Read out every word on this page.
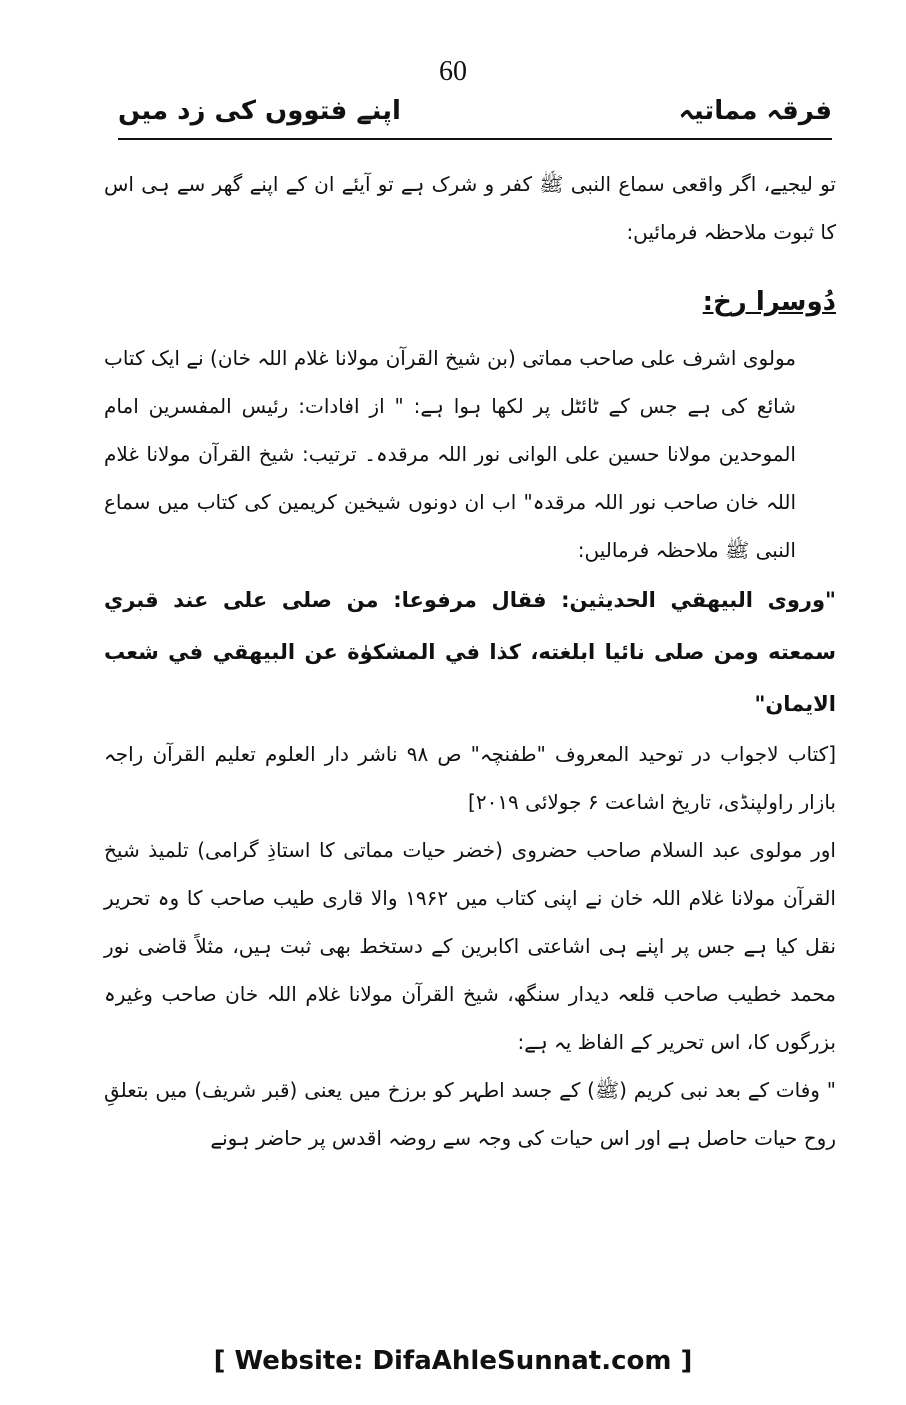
60
فرقہ مماتیہ
اپنے فتووں کی زد میں

تو لیجیے، اگر واقعی سماع النبی ﷺ کفر و شرک ہے تو آیئے ان کے اپنے گھر سے ہی اس کا ثبوت ملاحظہ فرمائیں:

دُوسرا رخ:

مولوی اشرف علی صاحب مماتی (بن شیخ القرآن مولانا غلام اللہ خان) نے ایک کتاب شائع کی ہے جس کے ٹائٹل پر لکھا ہوا ہے: " از افادات: رئیس المفسرین امام الموحدین مولانا حسین علی الوانی نور اللہ مرقدہ۔ ترتیب: شیخ القرآن مولانا غلام اللہ خان صاحب نور اللہ مرقدہ" اب ان دونوں شیخین کریمین کی کتاب میں سماع النبی ﷺ ملاحظہ فرمالیں:

"وروى البيهقي الحديثين: فقال مرفوعا: من صلى على عند قبري سمعته ومن صلى نائيا ابلغته، كذا في المشكوٰة عن البيهقي في شعب الايمان"

[کتاب لاجواب در توحید المعروف "طفنچہ" ص ۹۸ ناشر دار العلوم تعلیم القرآن راجہ بازار راولپنڈی، تاریخ اشاعت ۶ جولائی ۲۰۱۹]

اور مولوی عبد السلام صاحب حضروی (خضر حیات مماتی کا استاذِ گرامی) تلمیذ شیخ القرآن مولانا غلام اللہ خان نے اپنی کتاب میں ۱۹۶۲ والا قاری طیب صاحب کا وہ تحریر نقل کیا ہے جس پر اپنے ہی اشاعتی اکابرین کے دستخط بھی ثبت ہیں، مثلاً قاضی نور محمد خطیب صاحب قلعہ دیدار سنگھ، شیخ القرآن مولانا غلام اللہ خان صاحب وغیرہ بزرگوں کا، اس تحریر کے الفاظ یہ ہے:

" وفات کے بعد نبی کریم (ﷺ) کے جسد اطہر کو برزخ میں یعنی (قبر شریف) میں بتعلقِ روح حیات حاصل ہے اور اس حیات کی وجہ سے روضہ اقدس پر حاضر ہونے

[ Website: DifaAhleSunnat.com ]
